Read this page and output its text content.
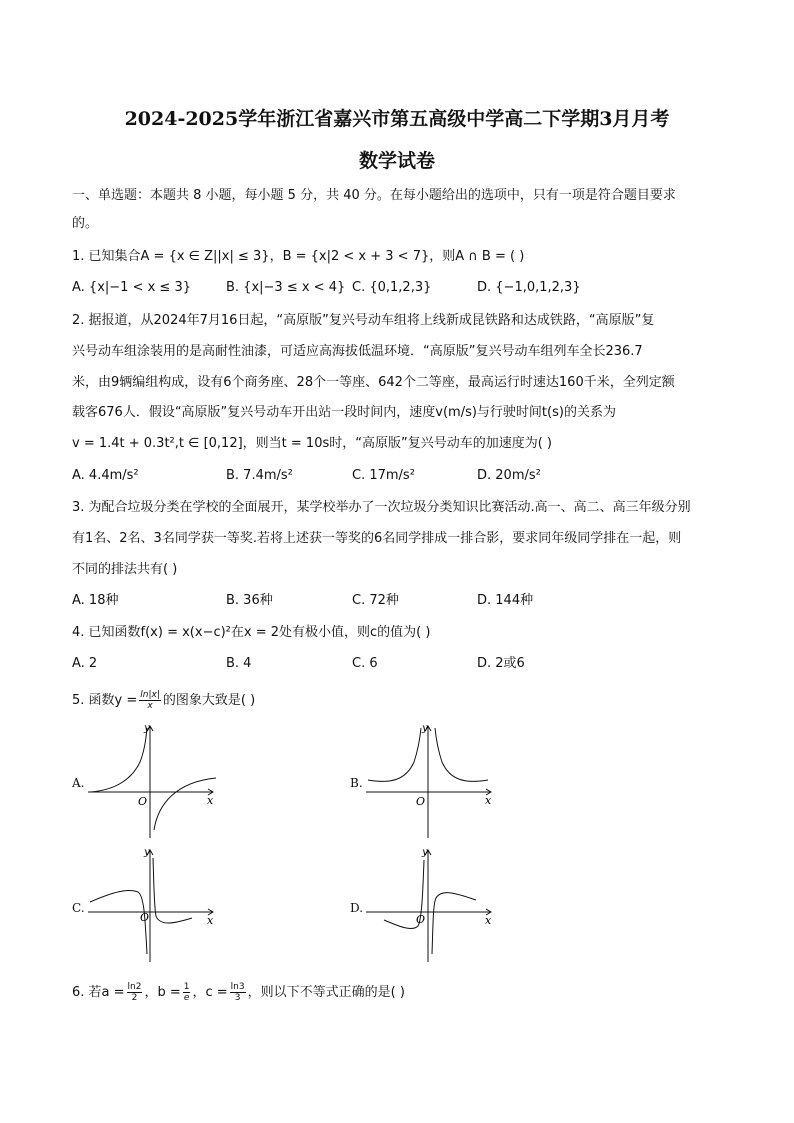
2024-2025学年浙江省嘉兴市第五高级中学高二下学期3月月考
数学试卷
一、单选题：本题共 8 小题，每小题 5 分，共 40 分。在每小题给出的选项中，只有一项是符合题目要求
的。
1. 已知集合A = {x ∈ Z||x| ≤ 3}，B = {x|2 < x + 3 < 7}，则A ∩ B = ( )
A. {x|−1 < x ≤ 3}	B. {x|−3 ≤ x < 4} C. {0,1,2,3}	D. {−1,0,1,2,3}
2. 据报道，从2024年7月16日起，“高原版”复兴号动车组将上线新成昆铁路和达成铁路，“高原版”复
兴号动车组涂装用的是高耐性油漆，可适应高海拔低温环境．“高原版”复兴号动车组列车全长236.7
米，由9辆编组构成，设有6个商务座、28个一等座、642个二等座，最高运行时速达160千米，全列定额
载客676人．假设“高原版”复兴号动车开出站一段时间内，速度v(m/s)与行驶时间t(s)的关系为
v = 1.4t + 0.3t²,t ∈ [0,12]，则当t = 10s时，“高原版”复兴号动车的加速度为( )
A. 4.4m/s²	B. 7.4m/s²	C. 17m/s²	D. 20m/s²
3. 为配合垃圾分类在学校的全面展开，某学校举办了一次垃圾分类知识比赛活动.高一、高二、高三年级分别
有1名、2名、3名同学获一等奖.若将上述获一等奖的6名同学排成一排合影，要求同年级同学排在一起，则
不同的排法共有( )
A. 18种	B. 36种	C. 72种	D. 144种
4. 已知函数f(x) = x(x−c)²在x = 2处有极小值，则c的值为( )
A. 2	B. 4	C. 6	D. 2或6
5. 函数$y = \frac{\ln|x|}{x}$ 的图象大致是( )
A.
y
x
O
B.
y
x
O
C.
y
x
O
D.
y
x
O
6. 若$a = \frac{\ln 2}{2}$ ，$b = \frac{1}{e}$ ，$c = \frac{\ln 3}{3}$ ，则以下不等式正确的是( )
